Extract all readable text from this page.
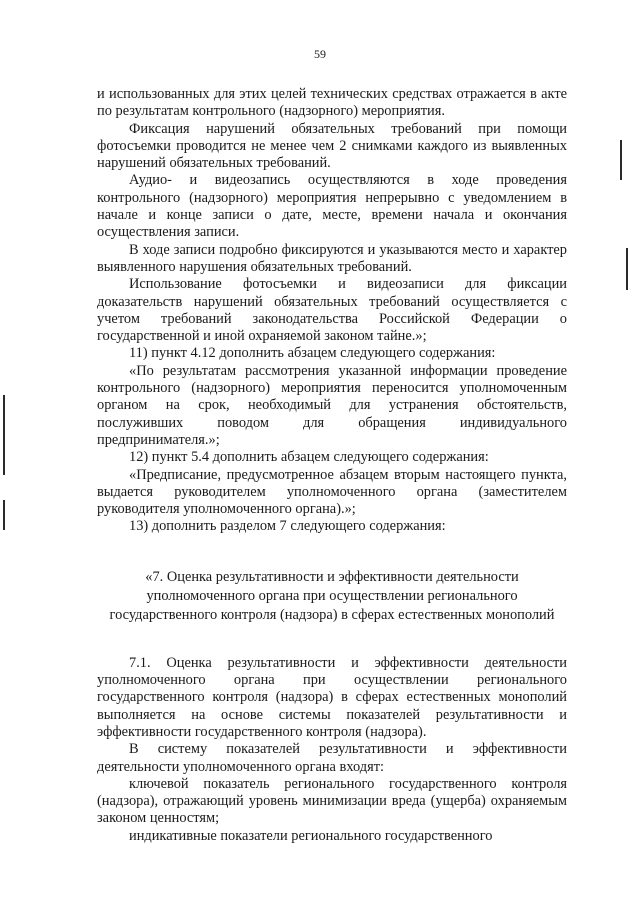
59

и использованных для этих целей технических средствах отражается в акте по результатам контрольного (надзорного) мероприятия.

Фиксация нарушений обязательных требований при помощи фотосъемки проводится не менее чем 2 снимками каждого из выявленных нарушений обязательных требований.

Аудио- и видеозапись осуществляются в ходе проведения контрольного (надзорного) мероприятия непрерывно с уведомлением в начале и конце записи о дате, месте, времени начала и окончания осуществления записи.

В ходе записи подробно фиксируются и указываются место и характер выявленного нарушения обязательных требований.

Использование фотосъемки и видеозаписи для фиксации доказательств нарушений обязательных требований осуществляется с учетом требований законодательства Российской Федерации о государственной и иной охраняемой законом тайне.»;

11) пункт 4.12 дополнить абзацем следующего содержания:

«По результатам рассмотрения указанной информации проведение контрольного (надзорного) мероприятия переносится уполномоченным органом на срок, необходимый для устранения обстоятельств, послуживших поводом для обращения индивидуального предпринимателя.»;

12) пункт 5.4 дополнить абзацем следующего содержания:

«Предписание, предусмотренное абзацем вторым настоящего пункта, выдается руководителем уполномоченного органа (заместителем руководителя уполномоченного органа).»;

13) дополнить разделом 7 следующего содержания:

«7. Оценка результативности и эффективности деятельности уполномоченного органа при осуществлении регионального государственного контроля (надзора) в сферах естественных монополий

7.1. Оценка результативности и эффективности деятельности уполномоченного органа при осуществлении регионального государственного контроля (надзора) в сферах естественных монополий выполняется на основе системы показателей результативности и эффективности государственного контроля (надзора).

В систему показателей результативности и эффективности деятельности уполномоченного органа входят:

ключевой показатель регионального государственного контроля (надзора), отражающий уровень минимизации вреда (ущерба) охраняемым законом ценностям;

индикативные показатели регионального государственного
